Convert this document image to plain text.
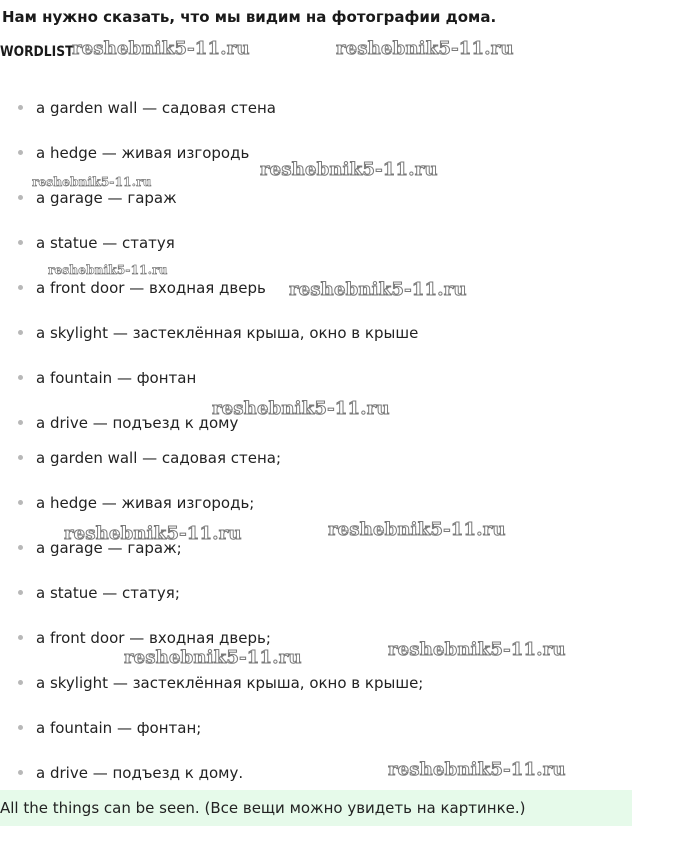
Нам нужно сказать, что мы видим на фотографии дома.
WORDLIST
a garden wall — садовая стена
a hedge — живая изгородь
a garage — гараж
a statue — статуя
a front door — входная дверь
a skylight — застеклённая крыша, окно в крыше
a fountain — фонтан
a drive — подъезд к дому
a garden wall — садовая стена;
a hedge — живая изгородь;
a garage — гараж;
a statue — статуя;
a front door — входная дверь;
a skylight — застеклённая крыша, окно в крыше;
a fountain — фонтан;
a drive — подъезд к дому.
All the things can be seen. (Все вещи можно увидеть на картинке.)
reshebnik5-11.ru	reshebnik5-11.ru
reshebnik5-11.ru
reshebnik5-11.ru
reshebnik5-11.ru
reshebnik5-11.ru
reshebnik5-11.ru
reshebnik5-11.ru	reshebnik5-11.ru
reshebnik5-11.ru	reshebnik5-11.ru
reshebnik5-11.ru
